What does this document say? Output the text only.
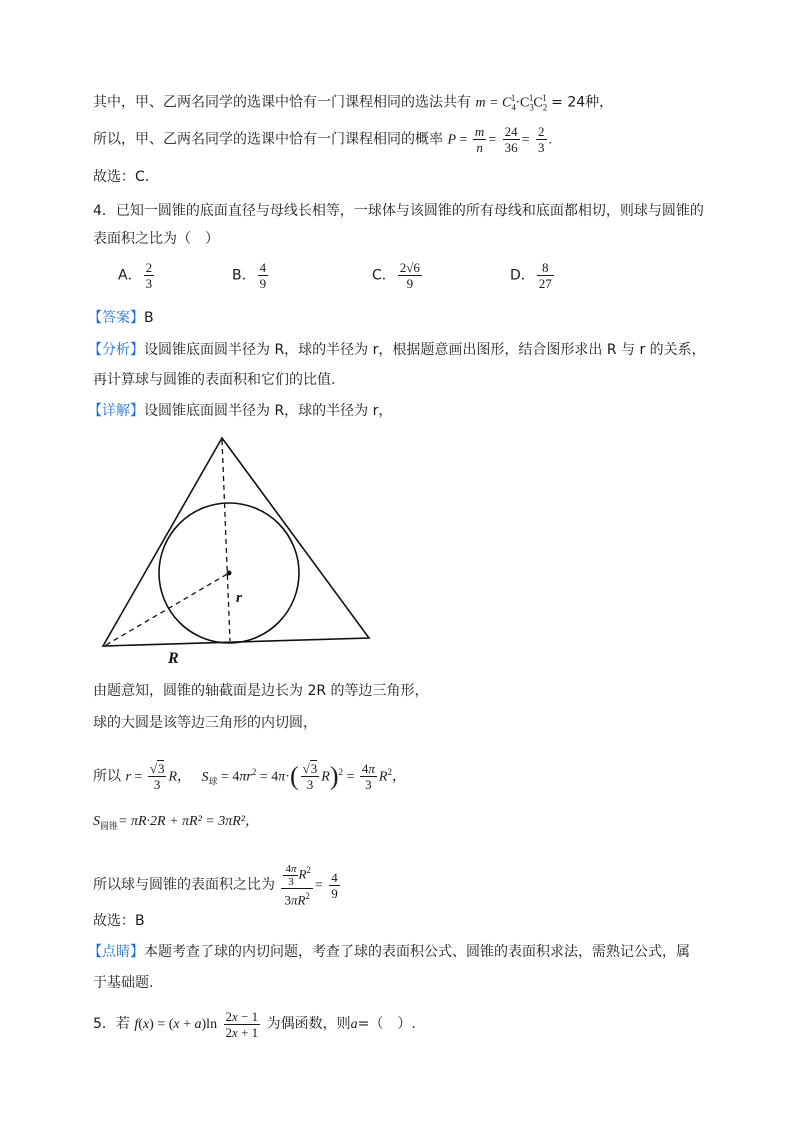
其中，甲、乙两名同学的选课中恰有一门课程相同的选法共有 $m = C_4^1\cdot C_3^1C_2^1 = 24$种，
所以，甲、乙两名同学的选课中恰有一门课程相同的概率 $P = \frac{m}{n} = \frac{24}{36} = \frac{2}{3}$ .
故选：C.
4．已知一圆锥的底面直径与母线长相等，一球体与该圆锥的所有母线和底面都相切，则球与圆锥的
表面积之比为（　）
A． $\frac{2}{3}$	B． $\frac{4}{9}$	C． $\frac{2√6}{9}$	D． $\frac{8}{27}$
【答案】B
【分析】设圆锥底面圆半径为 R，球的半径为 r，根据题意画出图形，结合图形求出 R 与 r 的关系，
再计算球与圆锥的表面积和它们的比值.
【详解】设圆锥底面圆半径为 R，球的半径为 r，
r
R
由题意知，圆锥的轴截面是边长为 2R 的等边三角形，
球的大圆是该等边三角形的内切圆，
所以 $r = \frac{√3}{3}$ R， $S_球 = 4\pi r^2 = 4\pi\cdot( \frac{√3}{3} R)^2 = \frac{4\pi}{3} R^2$，
$S_{圆锥}= \pi R\cdot 2R + \pi R^2 = 3\pi R^2$，
所以球与圆锥的表面积之比为 $\frac{\frac{4\pi}{3} R^2}{3\pi R^2} = \frac{4}{9}$
故选：B
【点睛】本题考查了球的内切问题，考查了球的表面积公式、圆锥的表面积求法，需熟记公式，属
于基础题.
5．若 $f(x) = (x + a)\ln \frac{2x - 1}{2x + 1}$ 为偶函数，则a=（　）.
